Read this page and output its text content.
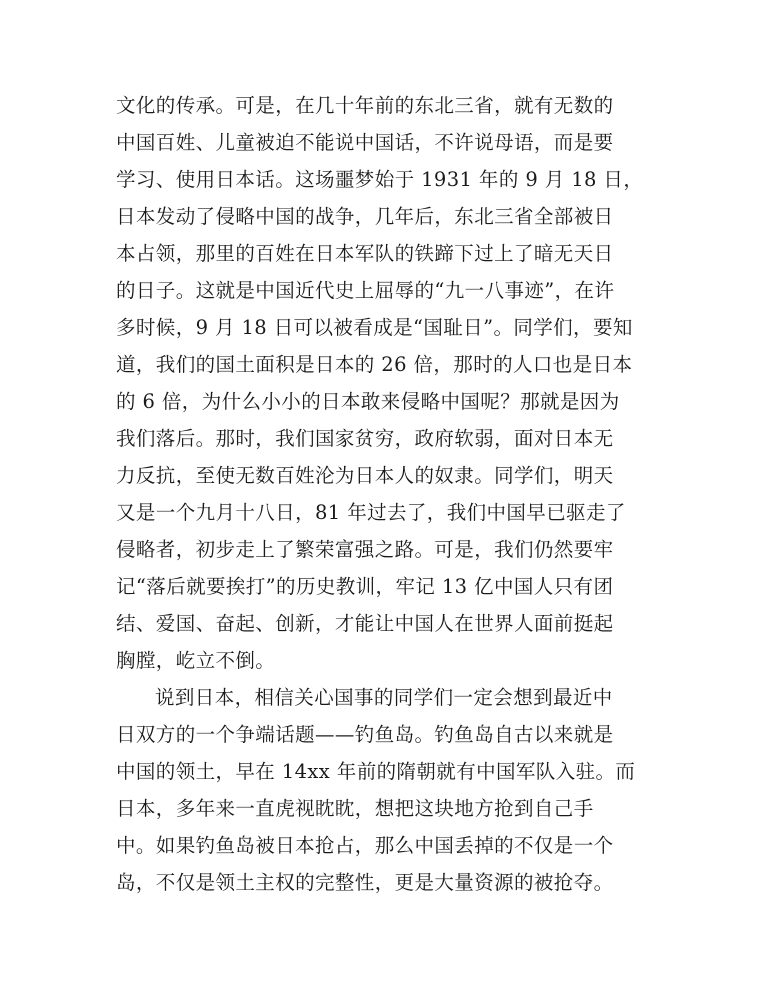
文化的传承。可是，在几十年前的东北三省，就有无数的
中国百姓、儿童被迫不能说中国话，不许说母语，而是要
学习、使用日本话。这场噩梦始于 1931 年的 9 月 18 日，
日本发动了侵略中国的战争，几年后，东北三省全部被日
本占领，那里的百姓在日本军队的铁蹄下过上了暗无天日
的日子。这就是中国近代史上屈辱的“九一八事迹”，在许
多时候，9 月 18 日可以被看成是“国耻日”。同学们，要知
道，我们的国土面积是日本的 26 倍，那时的人口也是日本
的 6 倍，为什么小小的日本敢来侵略中国呢？那就是因为
我们落后。那时，我们国家贫穷，政府软弱，面对日本无
力反抗，至使无数百姓沦为日本人的奴隶。同学们，明天
又是一个九月十八日，81 年过去了，我们中国早已驱走了
侵略者，初步走上了繁荣富强之路。可是，我们仍然要牢
记“落后就要挨打”的历史教训，牢记 13 亿中国人只有团
结、爱国、奋起、创新，才能让中国人在世界人面前挺起
胸膛，屹立不倒。
说到日本，相信关心国事的同学们一定会想到最近中
日双方的一个争端话题——钓鱼岛。钓鱼岛自古以来就是
中国的领土，早在 14xx 年前的隋朝就有中国军队入驻。而
日本，多年来一直虎视眈眈，想把这块地方抢到自己手
中。如果钓鱼岛被日本抢占，那么中国丢掉的不仅是一个
岛，不仅是领土主权的完整性，更是大量资源的被抢夺。
